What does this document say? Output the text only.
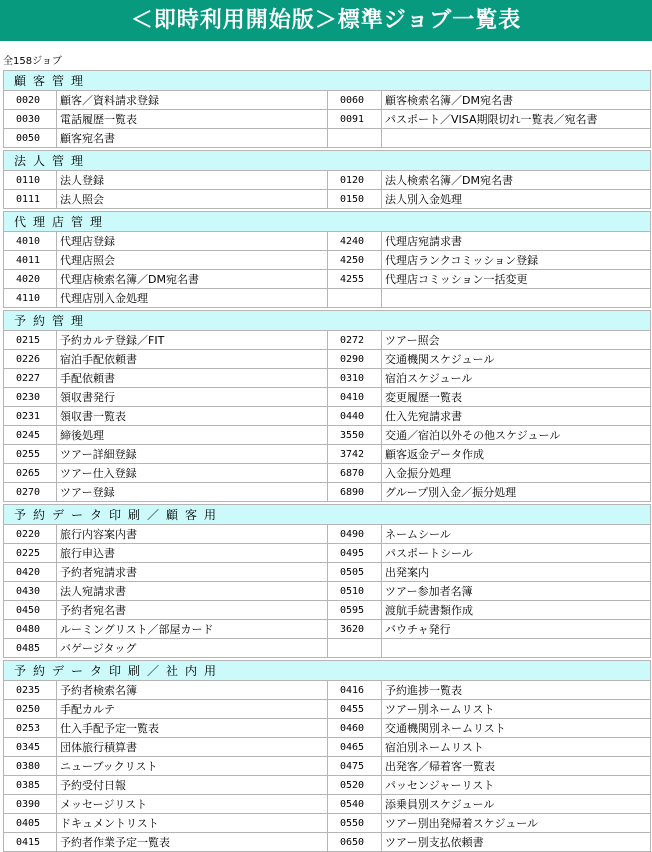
＜即時利用開始版＞標準ジョブ一覧表
全158ジョブ
顧客管理			
0020	顧客／資料請求登録	0060	顧客検索名簿／DM宛名書
0030	電話履歴一覧表	0091	パスポート／VISA期限切れ一覧表／宛名書
0050	顧客宛名書		

法人管理			
0110	法人登録	0120	法人検索名簿／DM宛名書
0111	法人照会	0150	法人別入金処理

代理店管理			
4010	代理店登録	4240	代理店宛請求書
4011	代理店照会	4250	代理店ランクコミッション登録
4020	代理店検索名簿／DM宛名書	4255	代理店コミッション一括変更
4110	代理店別入金処理		

予約管理			
0215	予約カルテ登録／FIT	0272	ツアー照会
0226	宿泊手配依頼書	0290	交通機関スケジュール
0227	手配依頼書	0310	宿泊スケジュール
0230	領収書発行	0410	変更履歴一覧表
0231	領収書一覧表	0440	仕入先宛請求書
0245	締後処理	3550	交通／宿泊以外その他スケジュール
0255	ツアー詳細登録	3742	顧客返金データ作成
0265	ツアー仕入登録	6870	入金振分処理
0270	ツアー登録	6890	グループ別入金／振分処理

予約データ印刷／顧客用			
0220	旅行内容案内書	0490	ネームシール
0225	旅行申込書	0495	パスポートシール
0420	予約者宛請求書	0505	出発案内
0430	法人宛請求書	0510	ツアー参加者名簿
0450	予約者宛名書	0595	渡航手続書類作成
0480	ルーミングリスト／部屋カード	3620	バウチャ発行
0485	バゲージタッグ		

予約データ印刷／社内用			
0235	予約者検索名簿	0416	予約進捗一覧表
0250	手配カルテ	0455	ツアー別ネームリスト
0253	仕入手配予定一覧表	0460	交通機関別ネームリスト
0345	団体旅行積算書	0465	宿泊別ネームリスト
0380	ニューブックリスト	0475	出発客／帰着客一覧表
0385	予約受付日報	0520	パッセンジャーリスト
0390	メッセージリスト	0540	添乗員別スケジュール
0405	ドキュメントリスト	0550	ツアー別出発帰着スケジュール
0415	予約者作業予定一覧表	0650	ツアー別支払依頼書
